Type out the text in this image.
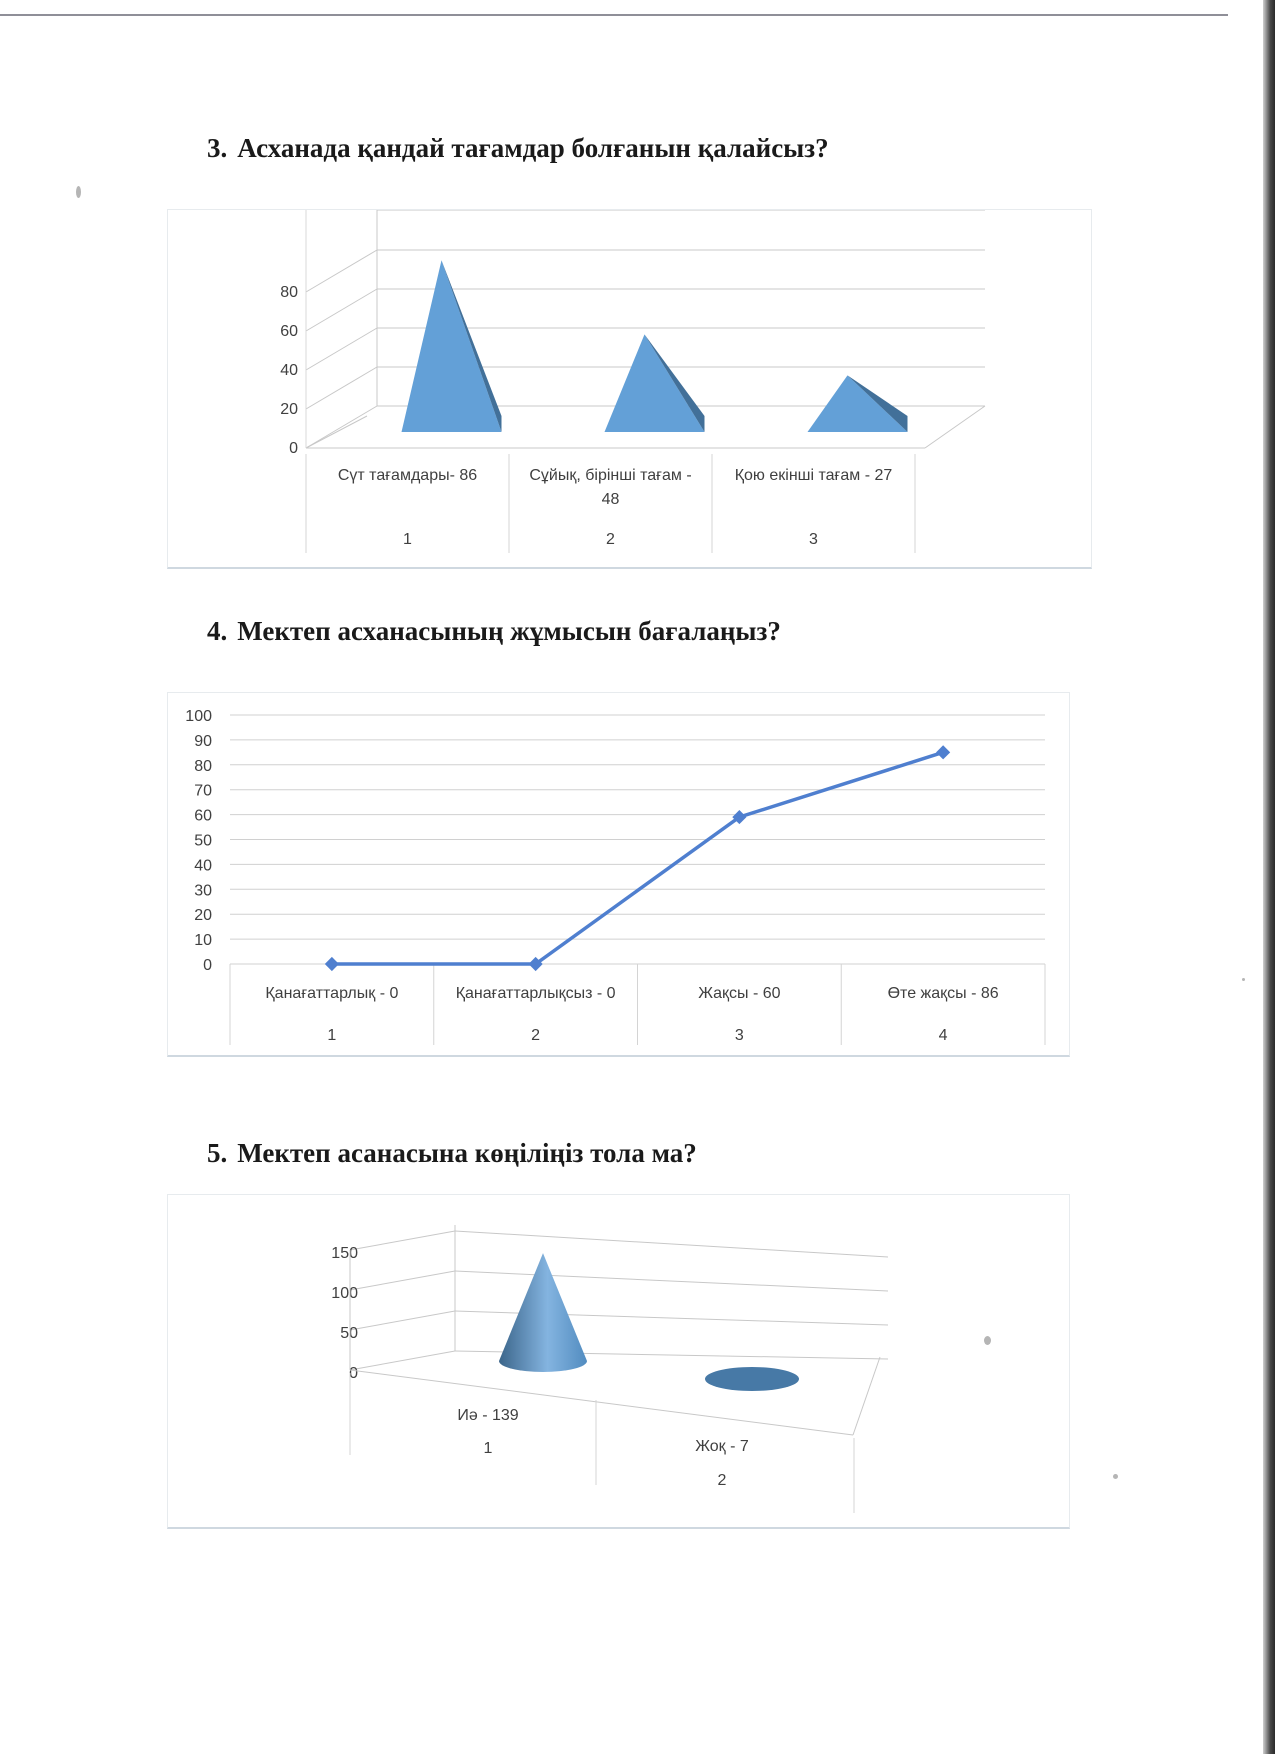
3. Асханада қандай тағамдар болғанын қалайсыз?
0
20
40
60
80
Сүт тағамдары- 86
1
Сұйық, бірінші тағам -48
2
Қою екінші тағам - 27
3
4. Мектеп асханасының жұмысын бағалаңыз?
0
10
20
30
40
50
60
70
80
90
100
Қанағаттарлық - 0
1
Қанағаттарлықсыз - 0
2
Жақсы - 60
3
Өте жақсы - 86
4
5. Мектеп асанасына көңіліңіз тола ма?
0
50
100
150
Иә - 139
1	Жоқ - 7
2
